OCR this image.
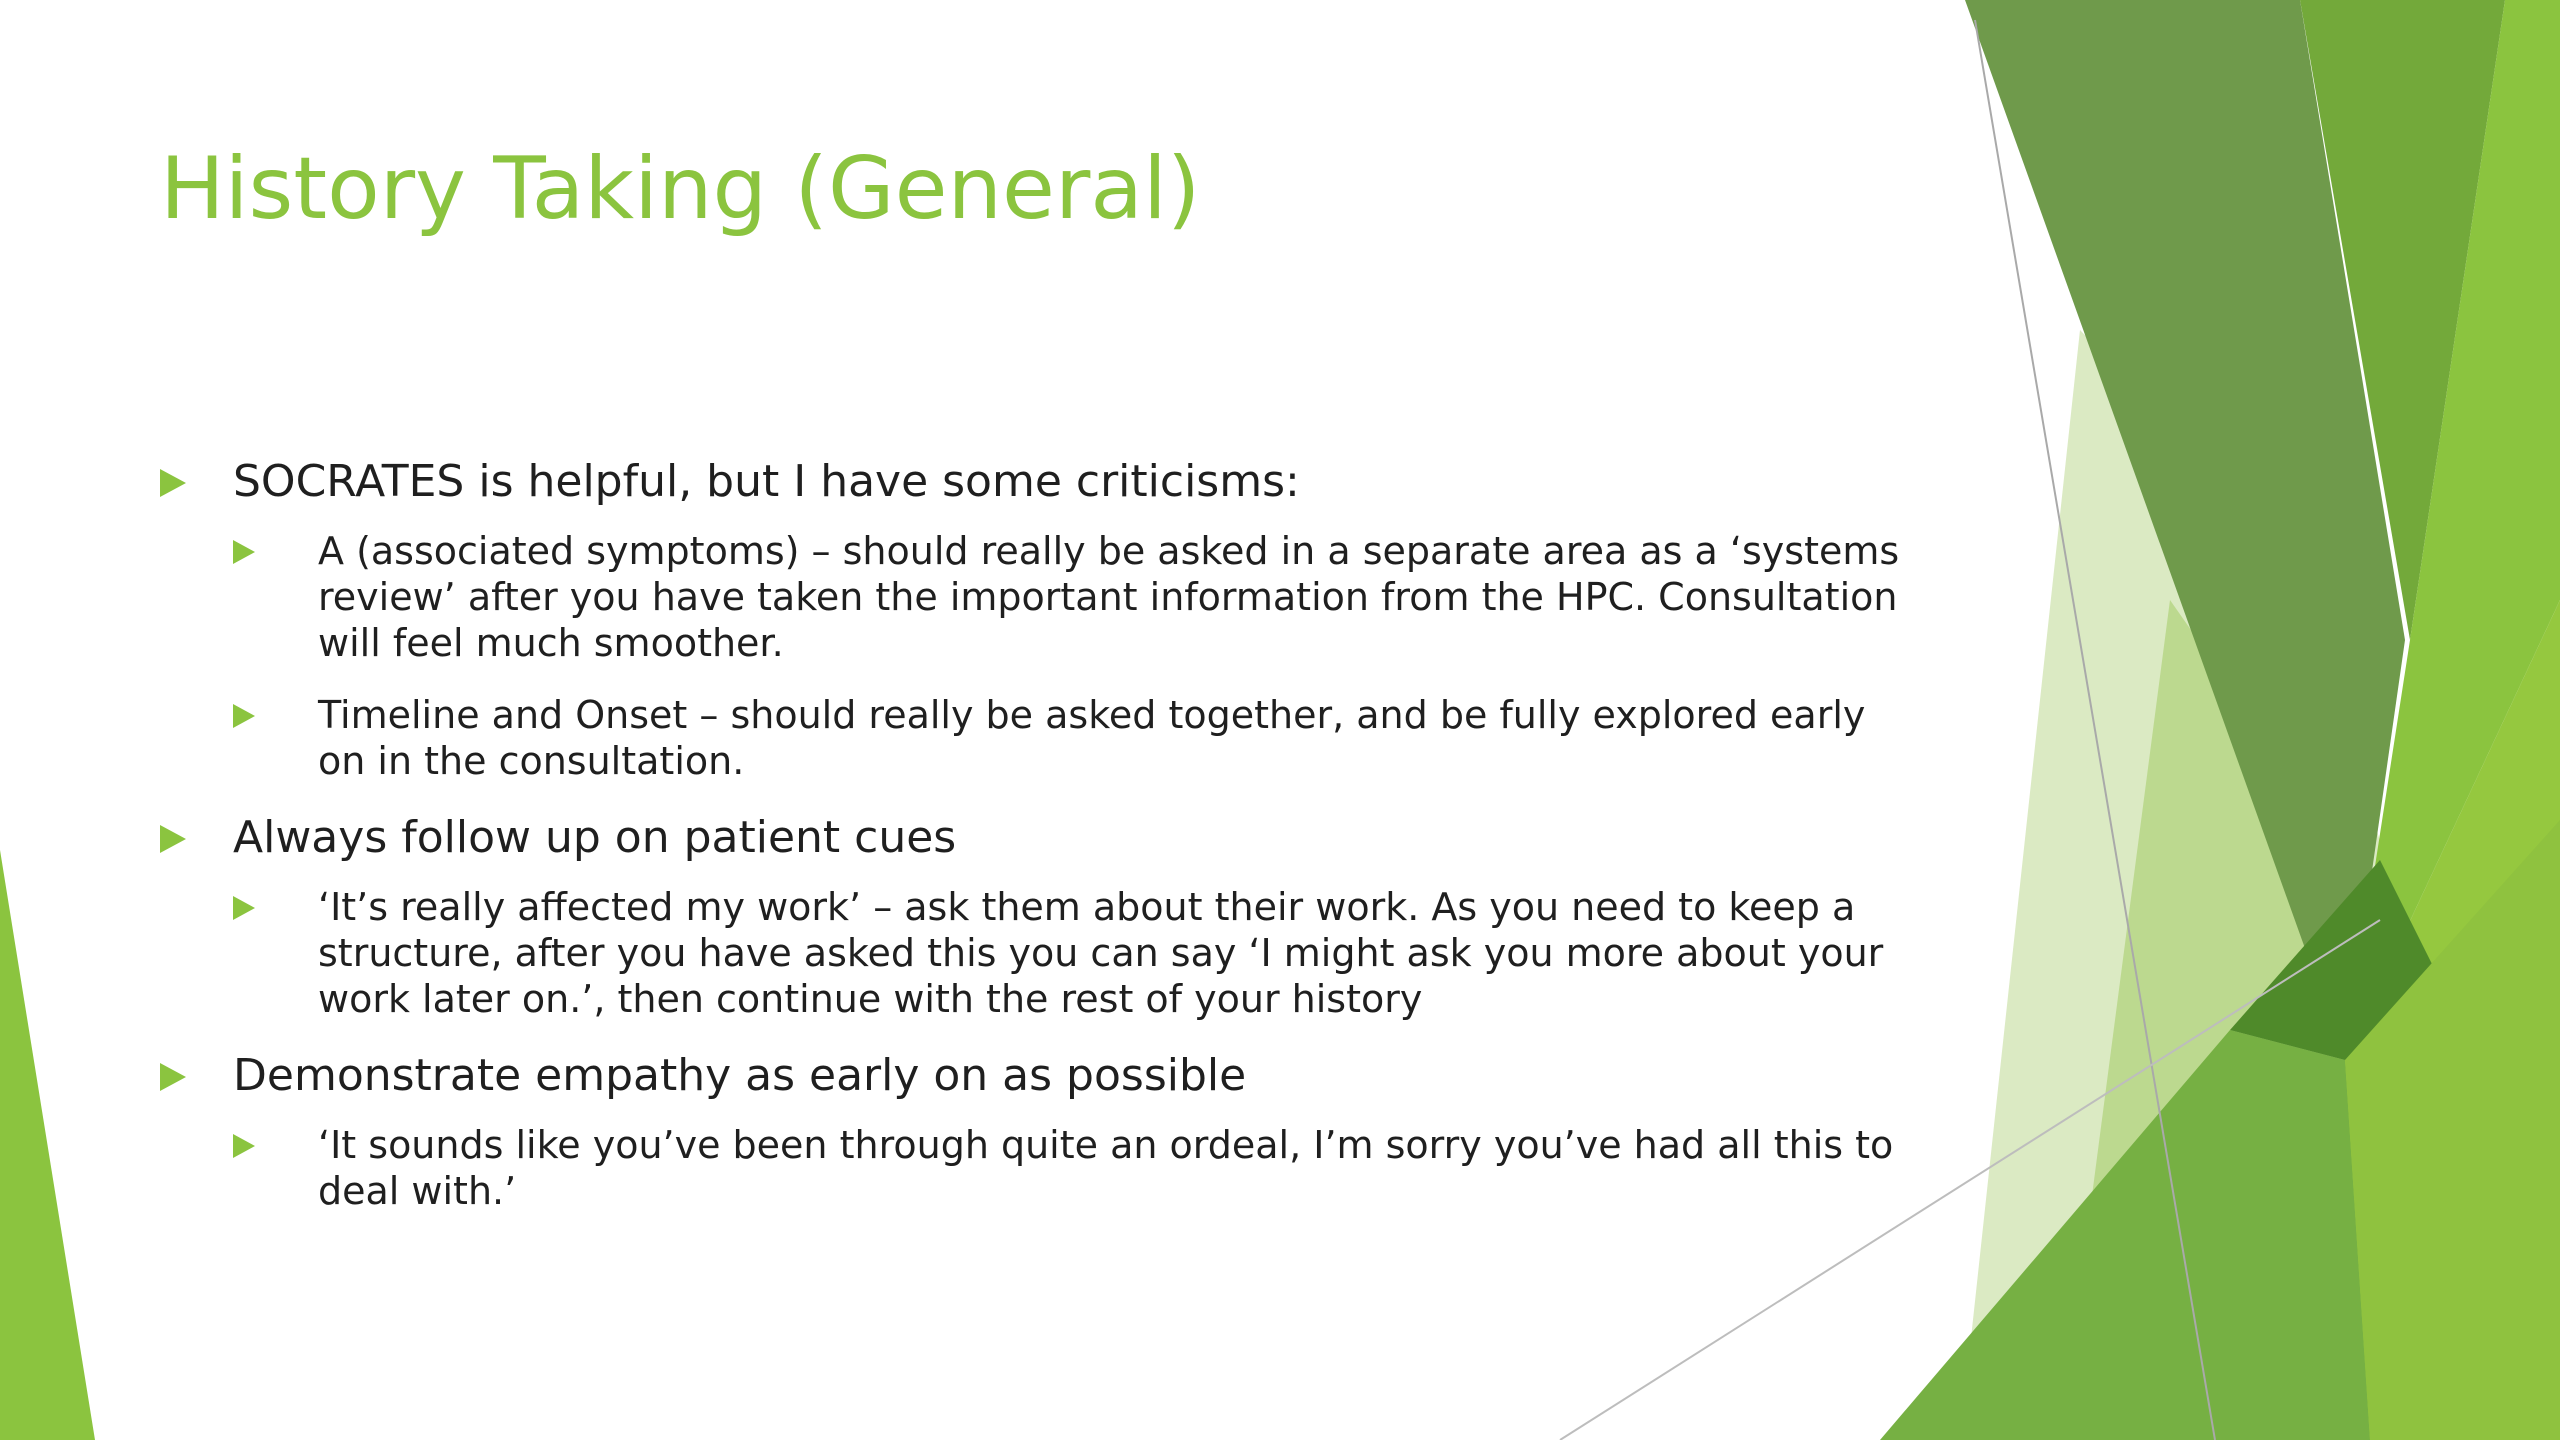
History Taking (General)
SOCRATES is helpful, but I have some criticisms:
A (associated symptoms) – should really be asked in a separate area as a ‘systems review’ after you have taken the important information from the HPC. Consultation will feel much smoother.
Timeline and Onset – should really be asked together, and be fully explored early on in the consultation.
Always follow up on patient cues
‘It’s really affected my work’ – ask them about their work. As you need to keep a structure, after you have asked this you can say ‘I might ask you more about your work later on.’, then continue with the rest of your history
Demonstrate empathy as early on as possible
‘It sounds like you’ve been through quite an ordeal, I’m sorry you’ve had all this to deal with.’
